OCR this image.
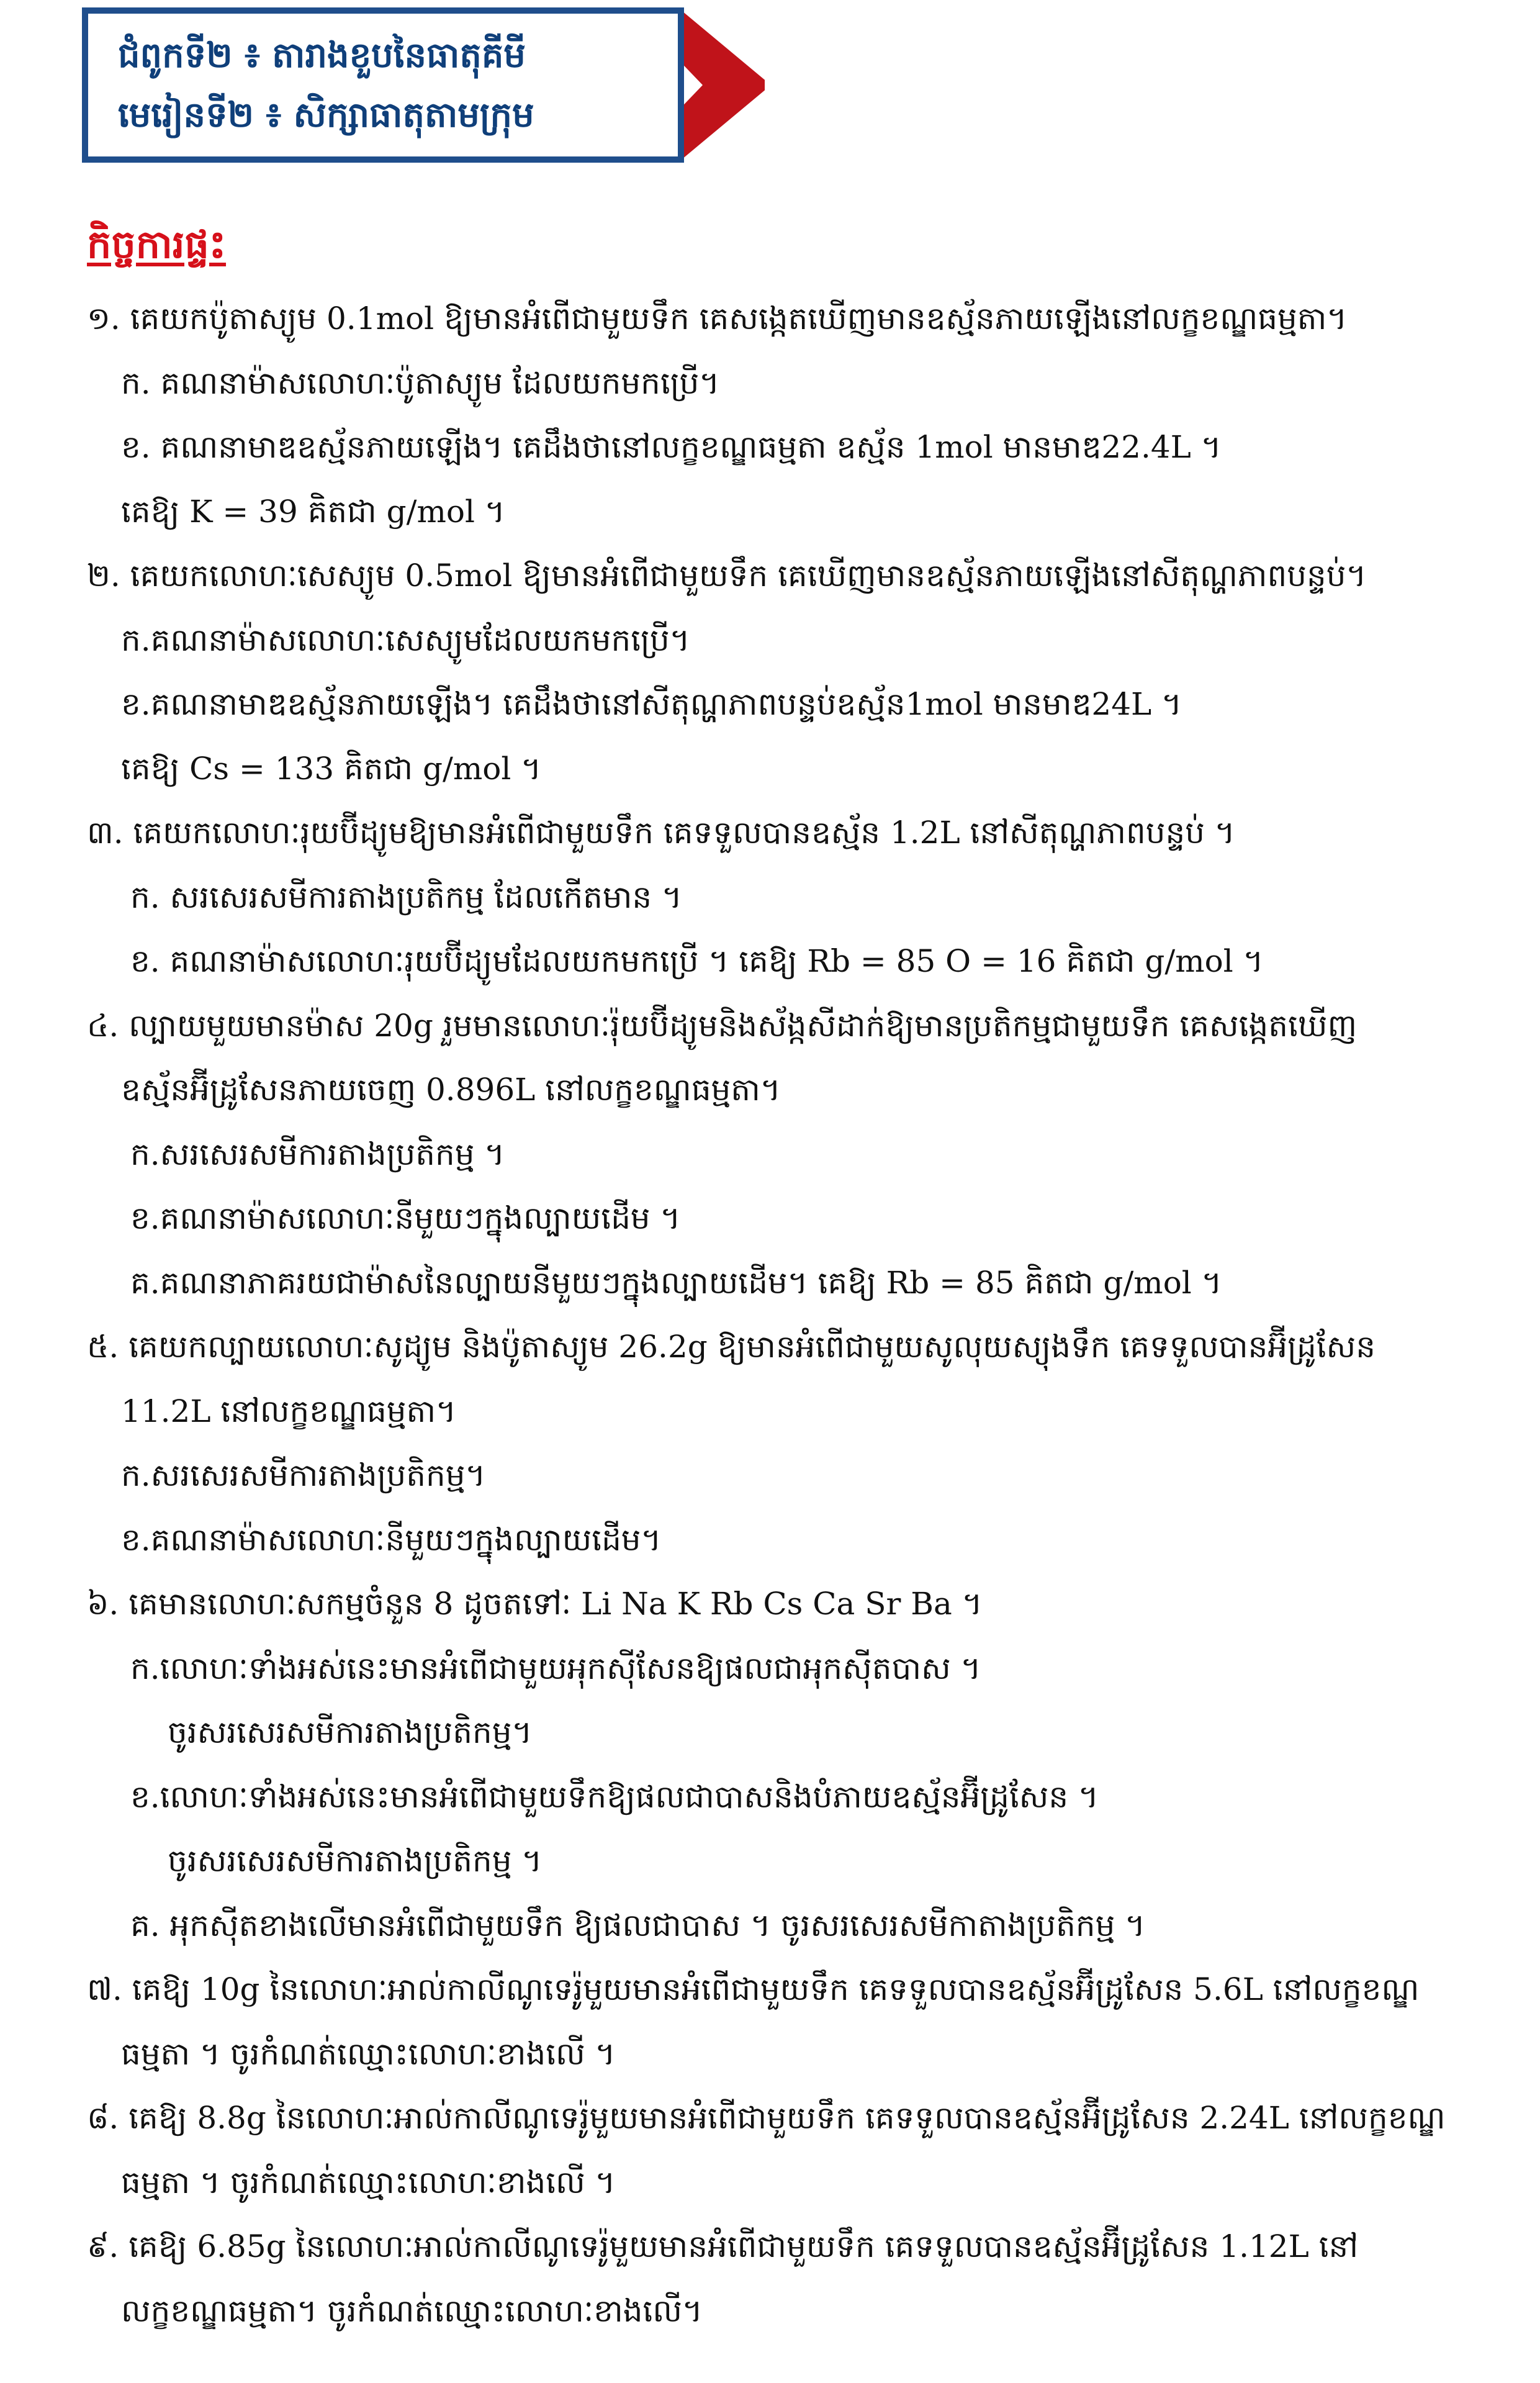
ជំពូកទី២ ៖ តារាងខួបនៃធាតុគីមី
មេរៀនទី២ ៖ សិក្សាធាតុតាមក្រុម
កិច្ចការផ្ទះ
១. គេយកប៉ូតាស្យូម 0.1mol ឱ្យមានអំពើជាមួយទឹក គេសង្កេតឃើញមានឧស្ម័នភាយឡើងនៅលក្ខខណ្ឌធម្មតា។
ក. គណនាម៉ាសលោហៈប៉ូតាស្យូម ដែលយកមកប្រើ។
ខ. គណនាមាឌឧស្ម័នភាយឡើង។ គេដឹងថានៅលក្ខខណ្ឌធម្មតា ឧស្ម័ន 1mol មានមាឌ22.4L ។
គេឱ្យ K = 39 គិតជា g/mol ។
២. គេយកលោហៈសេស្យូម 0.5mol ឱ្យមានអំពើជាមួយទឹក គេឃើញមានឧស្ម័នភាយឡើងនៅសីតុណ្ហភាពបន្ទប់។
ក.គណនាម៉ាសលោហៈសេស្យូមដែលយកមកប្រើ។
ខ.គណនាមាឌឧស្ម័នភាយឡើង។ គេដឹងថានៅសីតុណ្ហភាពបន្ទប់ឧស្ម័ន1mol មានមាឌ24L ។
គេឱ្យ Cs = 133 គិតជា g/mol ។
៣. គេយកលោហៈរុយប៊ីដ្យូមឱ្យមានអំពើជាមួយទឹក គេទទួលបានឧស្ម័ន 1.2L នៅសីតុណ្ហភាពបន្ទប់ ។
ក. សរសេរសមីការតាងប្រតិកម្ម ដែលកើតមាន ។
ខ. គណនាម៉ាសលោហៈរុយប៊ីដ្យូមដែលយកមកប្រើ ។ គេឱ្យ Rb = 85 O = 16 គិតជា g/mol ។
៤. ល្បាយមួយមានម៉ាស 20g រួមមានលោហៈរ៉ុយប៊ីដ្យូមនិងស័ង្កសីដាក់ឱ្យមានប្រតិកម្មជាមួយទឹក គេសង្កេតឃើញ
ឧស្ម័នអ៊ីដ្រូសែនភាយចេញ 0.896L នៅលក្ខខណ្ឌធម្មតា។
ក.សរសេរសមីការតាងប្រតិកម្ម ។
ខ.គណនាម៉ាសលោហៈនីមួយៗក្នុងល្បាយដើម ។
គ.គណនាភាគរយជាម៉ាសនៃល្បាយនីមួយៗក្នុងល្បាយដើម។ គេឱ្យ Rb = 85 គិតជា g/mol ។
៥. គេយកល្បាយលោហៈសូដ្យូម និងប៉ូតាស្យូម 26.2g ឱ្យមានអំពើជាមួយសូលុយស្យុងទឹក គេទទួលបានអ៊ីដ្រូសែន
11.2L នៅលក្ខខណ្ឌធម្មតា។
ក.សរសេរសមីការតាងប្រតិកម្ម។
ខ.គណនាម៉ាសលោហៈនីមួយៗក្នុងល្បាយដើម។
៦. គេមានលោហៈសកម្មចំនួន 8 ដូចតទៅៈ Li Na K Rb Cs Ca Sr Ba ។
ក.លោហៈទាំងអស់នេះមានអំពើជាមួយអុកស៊ីសែនឱ្យផលជាអុកស៊ីតបាស ។
ចូរសរសេរសមីការតាងប្រតិកម្ម។
ខ.លោហៈទាំងអស់នេះមានអំពើជាមួយទឹកឱ្យផលជាបាសនិងបំភាយឧស្ម័នអ៊ីដ្រូសែន ។
ចូរសរសេរសមីការតាងប្រតិកម្ម ។
គ. អុកស៊ីតខាងលើមានអំពើជាមួយទឹក ឱ្យផលជាបាស ។ ចូរសរសេរសមីកាតាងប្រតិកម្ម ។
៧. គេឱ្យ 10g នៃលោហៈអាល់កាលីណូទេរ៉ូមួយមានអំពើជាមួយទឹក គេទទួលបានឧស្ម័នអ៊ីដ្រូសែន 5.6L នៅលក្ខខណ្ឌ
ធម្មតា ។ ចូរកំណត់ឈ្មោះលោហៈខាងលើ ។
៨. គេឱ្យ 8.8g នៃលោហៈអាល់កាលីណូទេរ៉ូមួយមានអំពើជាមួយទឹក គេទទួលបានឧស្ម័នអ៊ីដ្រូសែន 2.24L នៅលក្ខខណ្ឌ
ធម្មតា ។ ចូរកំណត់ឈ្មោះលោហៈខាងលើ ។
៩. គេឱ្យ 6.85g នៃលោហៈអាល់កាលីណូទេរ៉ូមួយមានអំពើជាមួយទឹក គេទទួលបានឧស្ម័នអ៊ីដ្រូសែន 1.12L នៅ
លក្ខខណ្ឌធម្មតា។ ចូរកំណត់ឈ្មោះលោហៈខាងលើ។
